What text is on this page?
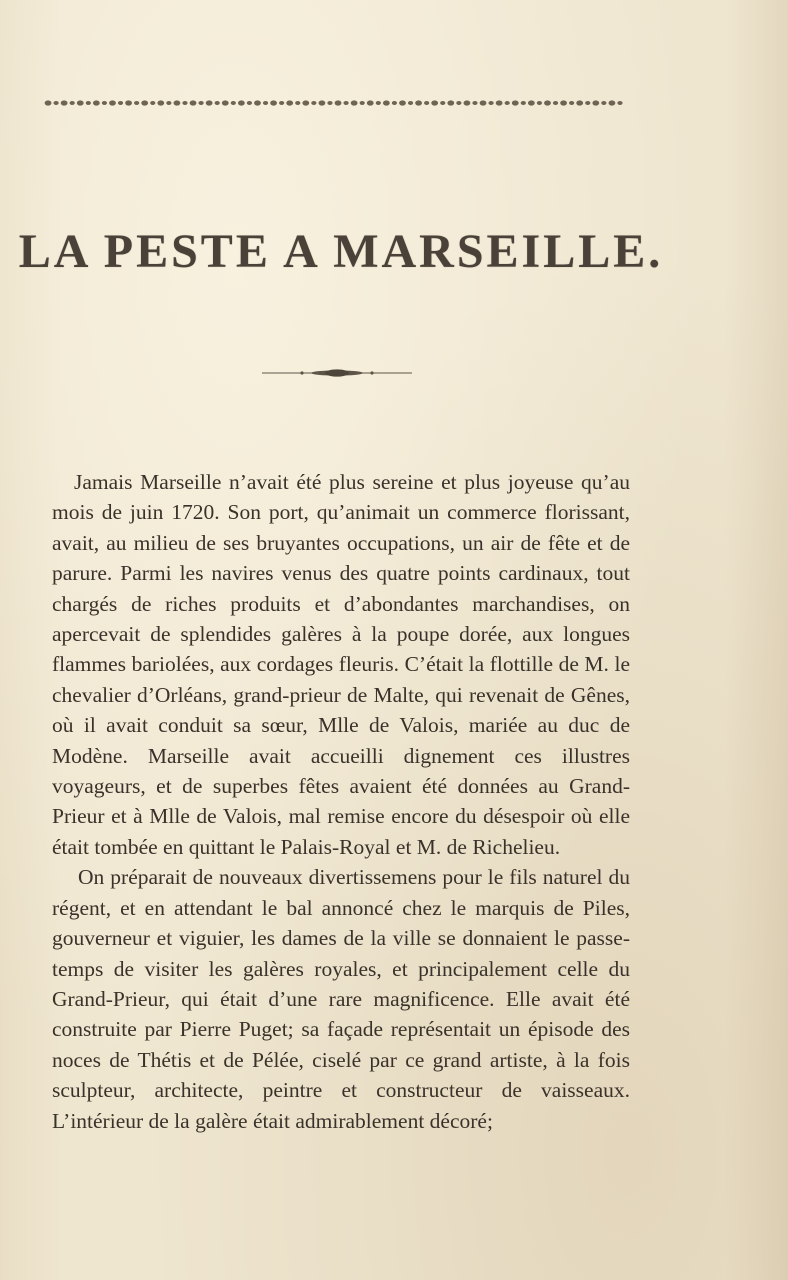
LA PESTE A MARSEILLE.

Jamais Marseille n’avait été plus sereine et plus joyeuse qu’au mois de juin 1720. Son port, qu’animait un commerce florissant, avait, au milieu de ses bruyantes occupations, un air de fête et de parure. Parmi les navires venus des quatre points cardinaux, tout chargés de riches produits et d’abondantes marchandises, on apercevait de splendides galères à la poupe dorée, aux longues flammes bariolées, aux cordages fleuris. C’était la flottille de M. le chevalier d’Orléans, grand-prieur de Malte, qui revenait de Gênes, où il avait conduit sa sœur, Mlle de Valois, mariée au duc de Modène. Marseille avait accueilli dignement ces illustres voyageurs, et de superbes fêtes avaient été données au Grand-Prieur et à Mlle de Valois, mal remise encore du désespoir où elle était tombée en quittant le Palais-Royal et M. de Richelieu.

On préparait de nouveaux divertissemens pour le fils naturel du régent, et en attendant le bal annoncé chez le marquis de Piles, gouverneur et viguier, les dames de la ville se donnaient le passe-temps de visiter les galères royales, et principalement celle du Grand-Prieur, qui était d’une rare magnificence. Elle avait été construite par Pierre Puget; sa façade représentait un épisode des noces de Thétis et de Pélée, ciselé par ce grand artiste, à la fois sculpteur, architecte, peintre et constructeur de vaisseaux. L’intérieur de la galère était admirablement décoré;
